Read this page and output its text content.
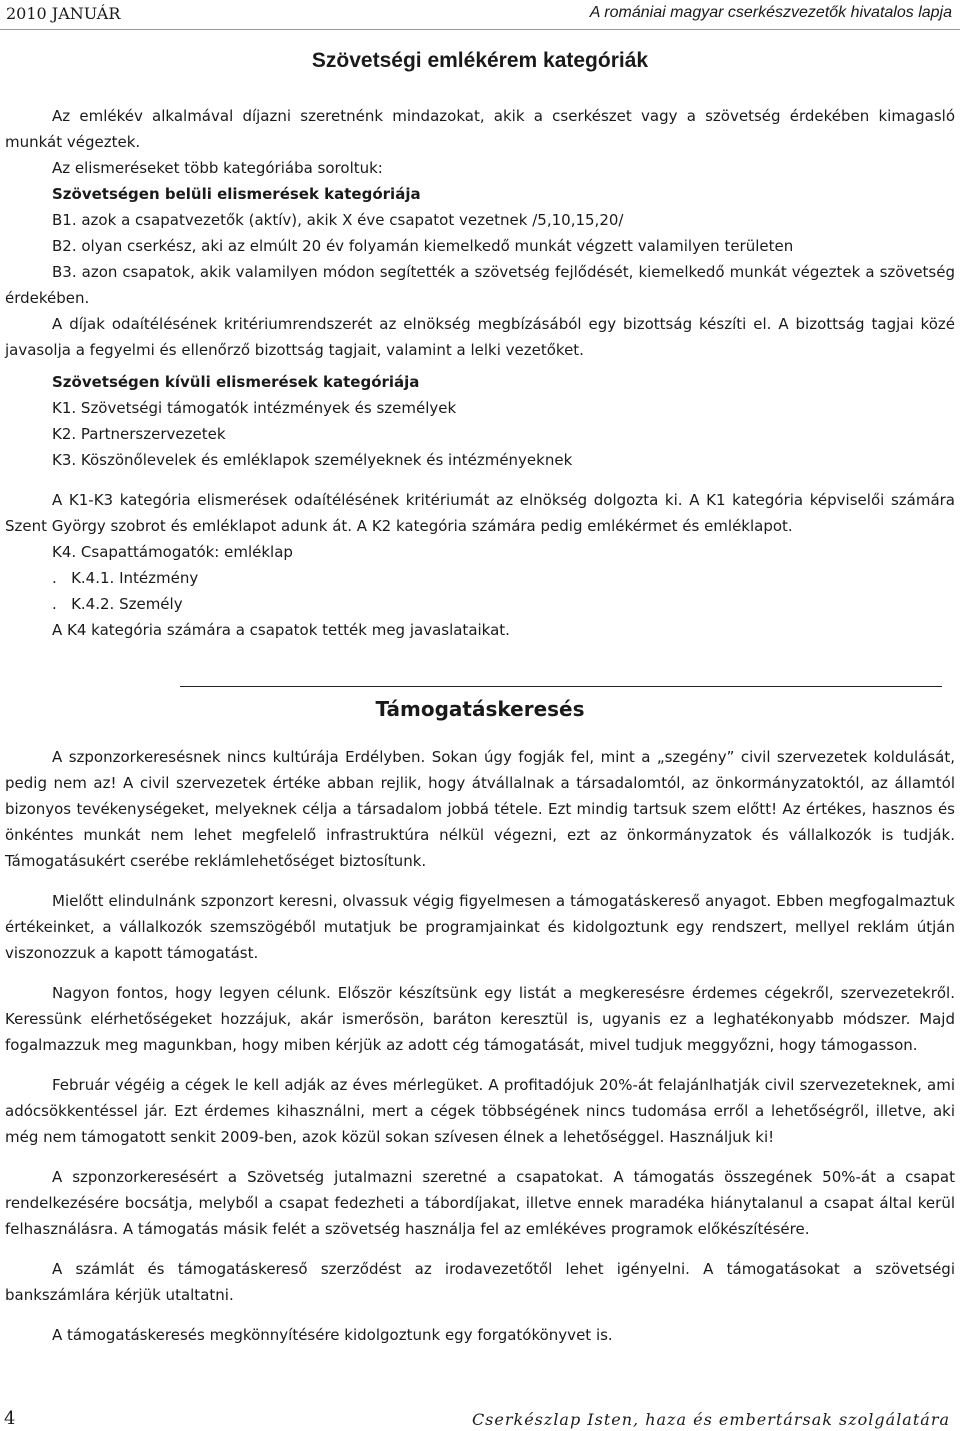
2010 JANUÁR	A romániai magyar cserkészvezetők hivatalos lapja
Szövetségi emlékérem kategóriák

Az emlékév alkalmával díjazni szeretnénk mindazokat, akik a cserkészet vagy a szövetség érdekében kimagasló munkát végeztek.

Az elismeréseket több kategóriába soroltuk:

Szövetségen belüli elismerések kategóriája

B1. azok a csapatvezetők (aktív), akik X éve csapatot vezetnek /5,10,15,20/

B2. olyan cserkész, aki az elmúlt 20 év folyamán kiemelkedő munkát végzett valamilyen területen

B3. azon csapatok, akik valamilyen módon segítették a szövetség fejlődését, kiemelkedő munkát végeztek a szövetség érdekében.

A díjak odaítélésének kritériumrendszerét az elnökség megbízásából egy bizottság készíti el. A bizottság tagjai közé javasolja a fegyelmi és ellenőrző bizottság tagjait, valamint a lelki vezetőket.

Szövetségen kívüli elismerések kategóriája

K1. Szövetségi támogatók intézmények és személyek

K2. Partnerszervezetek

K3. Köszönőlevelek és emléklapok személyeknek és intézményeknek

A K1-K3 kategória elismerések odaítélésének kritériumát az elnökség dolgozta ki. A K1 kategória képviselői számára Szent György szobrot és emléklapot adunk át. A K2 kategória számára pedig emlékérmet és emléklapot.

K4. Csapattámogatók: emléklap

.   K.4.1. Intézmény

.   K.4.2. Személy

A K4 kategória számára a csapatok tették meg javaslataikat.

Támogatáskeresés

A szponzorkeresésnek nincs kultúrája Erdélyben. Sokan úgy fogják fel, mint a „szegény” civil szervezetek koldulását, pedig nem az! A civil szervezetek értéke abban rejlik, hogy átvállalnak a társadalomtól, az önkormányzatoktól, az államtól bizonyos tevékenységeket, melyeknek célja a társadalom jobbá tétele. Ezt mindig tartsuk szem előtt! Az értékes, hasznos és önkéntes munkát nem lehet megfelelő infrastruktúra nélkül végezni, ezt az önkormányzatok és vállalkozók is tudják. Támogatásukért cserébe reklámlehetőséget biztosítunk.

Mielőtt elindulnánk szponzort keresni, olvassuk végig figyelmesen a támogatáskereső anyagot. Ebben megfogalmaztuk értékeinket, a vállalkozók szemszögéből mutatjuk be programjainkat és kidolgoztunk egy rendszert, mellyel reklám útján viszonozzuk a kapott támogatást.

Nagyon fontos, hogy legyen célunk. Először készítsünk egy listát a megkeresésre érdemes cégekről, szervezetekről. Keressünk elérhetőségeket hozzájuk, akár ismerősön, baráton keresztül is, ugyanis ez a leghatékonyabb módszer. Majd fogalmazzuk meg magunkban, hogy miben kérjük az adott cég támogatását, mivel tudjuk meggyőzni, hogy támogasson.

Február végéig a cégek le kell adják az éves mérlegüket. A profitadójuk 20%-át felajánlhatják civil szervezeteknek, ami adócsökkentéssel jár. Ezt érdemes kihasználni, mert a cégek többségének nincs tudomása erről a lehetőségről, illetve, aki még nem támogatott senkit 2009-ben, azok közül sokan szívesen élnek a lehetőséggel. Használjuk ki!

A szponzorkeresésért a Szövetség jutalmazni szeretné a csapatokat. A támogatás összegének 50%-át a csapat rendelkezésére bocsátja, melyből a csapat fedezheti a tábordíjakat, illetve ennek maradéka hiánytalanul a csapat által kerül felhasználásra. A támogatás másik felét a szövetség használja fel az emlékéves programok előkészítésére.

A számlát és támogatáskereső szerződést az irodavezetőtől lehet igényelni. A támogatásokat a szövetségi bankszámlára kérjük utaltatni.

A támogatáskeresés megkönnyítésére kidolgoztunk egy forgatókönyvet is.

4	Cserkészlap Isten, haza és embertársak szolgálatára
